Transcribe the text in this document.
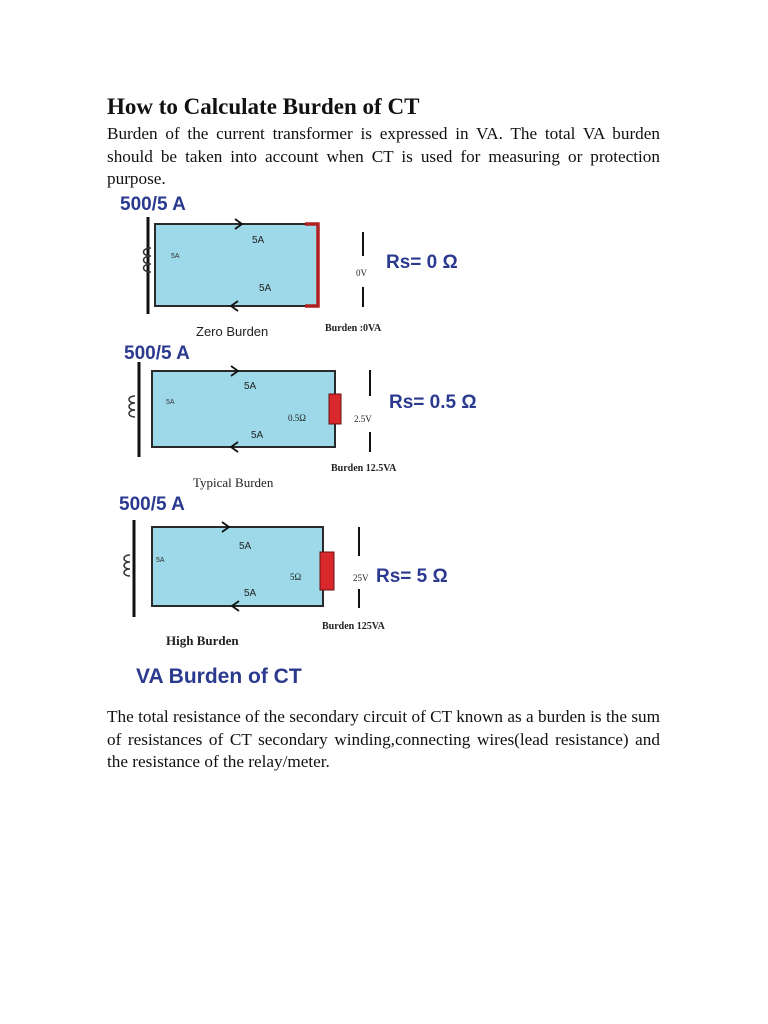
How to Calculate Burden of CT

Burden of the current transformer is expressed in VA. The total VA burden should be taken into account when CT is used for measuring or protection purpose.

500/5 A
5A
5A
5A
0V Rs= 0 Ω
Zero Burden	Burden :0VA
500/5 A
5A
5A
5A
0.5Ω	2.5V
Rs= 0.5 Ω
Typical Burden
Burden 12.5VA
500/5 A
5A
5A
5A
5Ω	25V Rs= 5 Ω
High Burden
Burden 125VA
VA Burden of CT

The total resistance of the secondary circuit of CT known as a burden is the sum of resistances of CT secondary winding,connecting wires(lead resistance) and the resistance of the relay/meter.
